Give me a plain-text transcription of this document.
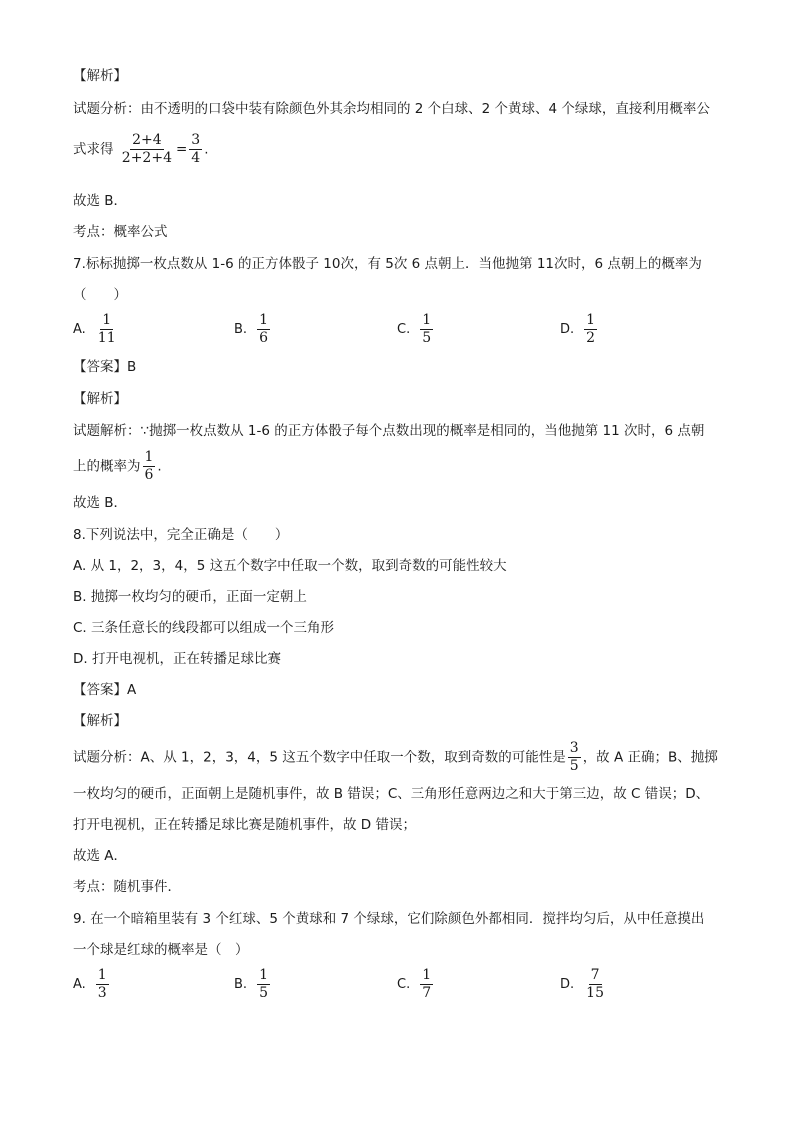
【解析】
试题分析：由不透明的口袋中装有除颜色外其余均相同的 2 个白球、2 个黄球、4 个绿球，直接利用概率公
式求得 $\frac{2+4}{2+2+4} = \frac{3}{4}$ .
故选 B．
考点：概率公式
7.标标抛掷一枚点数从 1-6 的正方体骰子 10次，有 5次 6 点朝上．当他抛第 11次时，6 点朝上的概率为
（　　）
A. $\frac{1}{11}$	B. $\frac{1}{6}$	C. $\frac{1}{5}$	D. $\frac{1}{2}$
【答案】B
【解析】
试题解析：∵抛掷一枚点数从 1-6 的正方体骰子每个点数出现的概率是相同的，当他抛第 11 次时，6 点朝
上的概率为 $\frac{1}{6}$ .
故选 B．
8.下列说法中，完全正确是（　　）
A. 从 1，2，3，4，5 这五个数字中任取一个数，取到奇数的可能性较大
B. 抛掷一枚均匀的硬币，正面一定朝上
C. 三条任意长的线段都可以组成一个三角形
D. 打开电视机，正在转播足球比赛
【答案】A
【解析】
试题分析：A、从 1，2，3，4，5 这五个数字中任取一个数，取到奇数的可能性是 $\frac{3}{5}$ ，故 A 正确；B、抛掷
一枚均匀的硬币，正面朝上是随机事件，故 B 错误；C、三角形任意两边之和大于第三边，故 C 错误；D、
打开电视机，正在转播足球比赛是随机事件，故 D 错误；
故选 A．
考点：随机事件．
9. 在一个暗箱里装有 3 个红球、5 个黄球和 7 个绿球，它们除颜色外都相同．搅拌均匀后，从中任意摸出
一个球是红球的概率是（　）
A. $\frac{1}{3}$	B. $\frac{1}{5}$	C. $\frac{1}{7}$	D. $\frac{7}{15}$
